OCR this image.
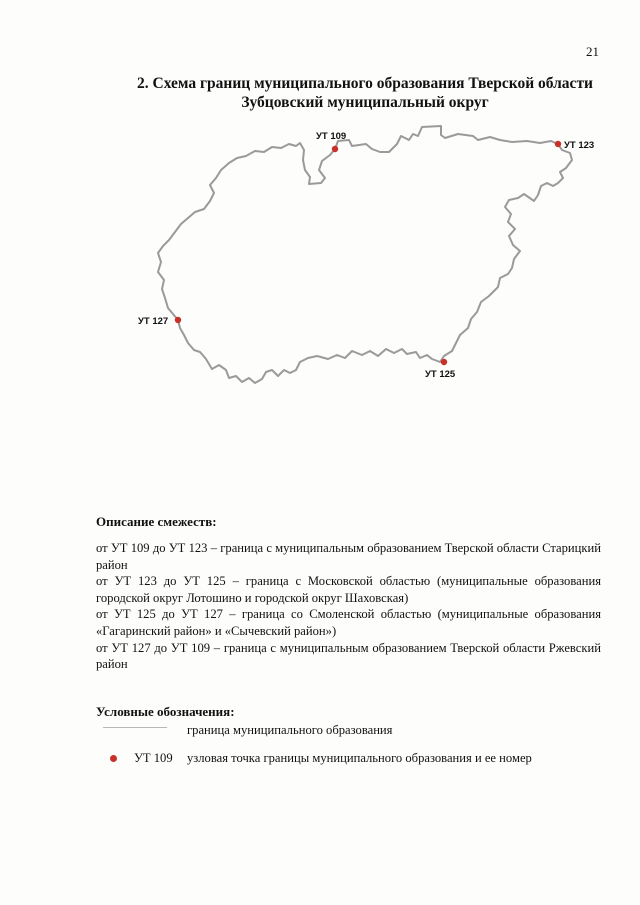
21
2. Схема границ муниципального образования Тверской области
Зубцовский муниципальный округ
УТ 109
УТ 123
УТ 125
УТ 127
Описание смежеств:

от УТ 109 до УТ 123 – граница с муниципальным образованием Тверской области Старицкий район

от УТ 123 до УТ 125 – граница с Московской областью (муниципальные образования городской округ Лотошино и городской округ Шаховская)

от УТ 125 до УТ 127 – граница со Смоленской областью (муниципальные образования «Гагаринский район» и «Сычевский район»)

от УТ 127 до УТ 109 – граница с муниципальным образованием Тверской области Ржевский район

Условные обозначения:
граница муниципального образования
УТ 109 узловая точка границы муниципального образования и ее номер
